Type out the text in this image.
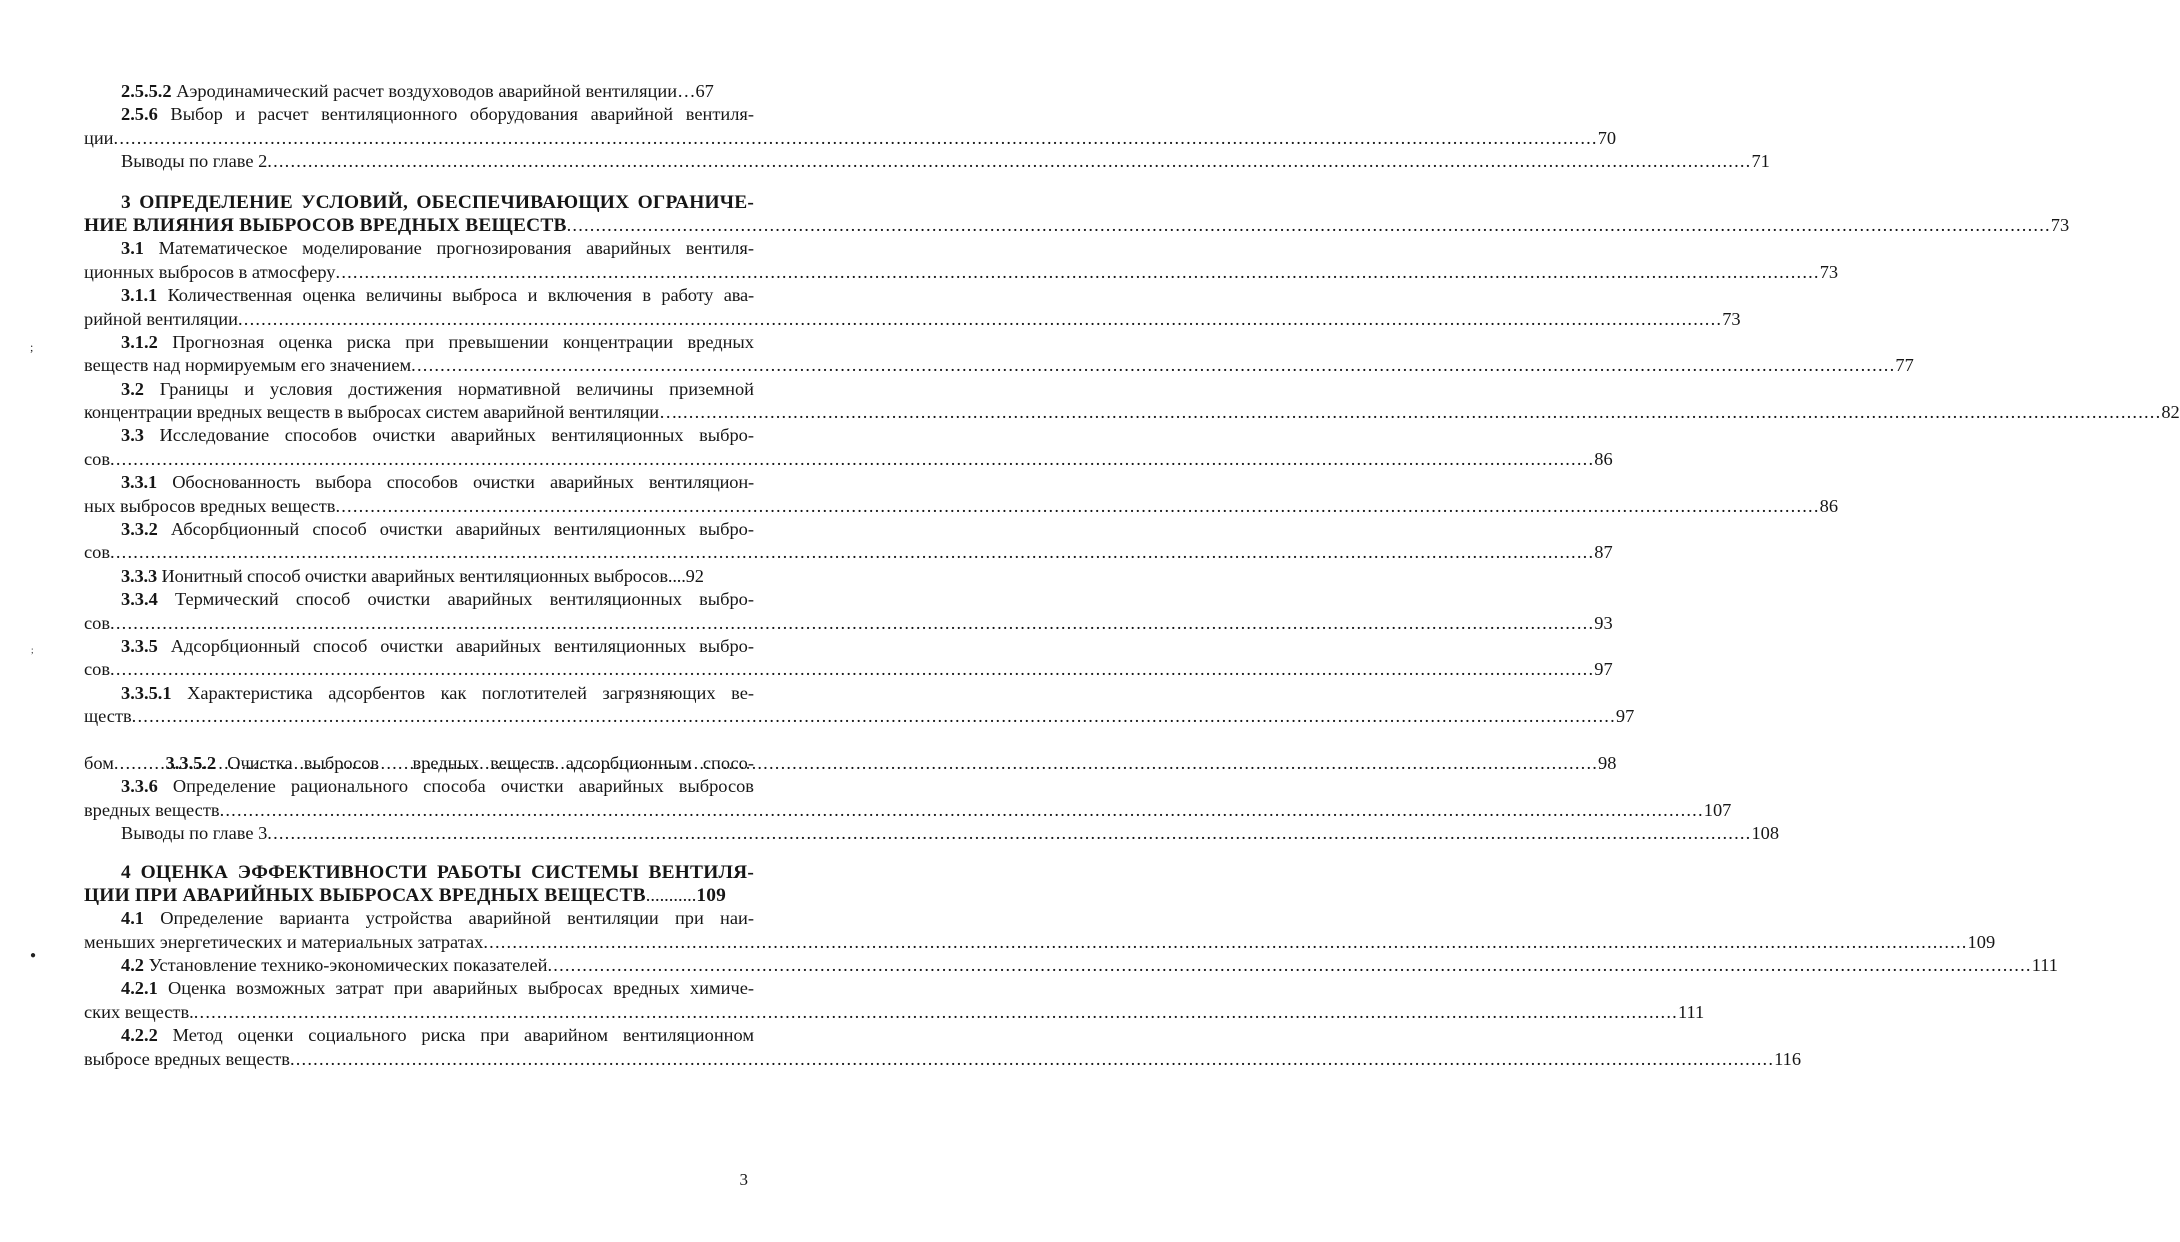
2.5.5.2 Аэродинамический расчет воздуховодов аварийной вентиляции… 67
2.5.6 Выбор и расчет вентиляционного оборудования аварийной вентиля-
ции .....	70
Выводы по главе 2 .....	71
3 ОПРЕДЕЛЕНИЕ УСЛОВИЙ, ОБЕСПЕЧИВАЮЩИХ ОГРАНИЧЕ-
НИЕ ВЛИЯНИЯ ВЫБРОСОВ ВРЕДНЫХ ВЕЩЕСТВ .....	73
3.1 Математическое моделирование прогнозирования аварийных вентиля-
ционных выбросов в атмосферу .....	73
3.1.1 Количественная оценка величины выброса и включения в работу ава-
рийной вентиляции .....	73
3.1.2 Прогнозная оценка риска при превышении концентрации вредных
веществ над нормируемым его значением .....	77
3.2 Границы и условия достижения нормативной величины приземной
концентрации вредных веществ в выбросах систем аварийной вентиляции … .....	82
3.3 Исследование способов очистки аварийных вентиляционных выбро-
сов .....	86
3.3.1 Обоснованность выбора способов очистки аварийных вентиляцион-
ных выбросов вредных веществ .....	86
3.3.2 Абсорбционный способ очистки аварийных вентиляционных выбро-
сов .....	87
3.3.3 Ионитный способ очистки аварийных вентиляционных выбросов.... 92
3.3.4 Термический способ очистки аварийных вентиляционных выбро-
сов .....	93
3.3.5 Адсорбционный способ очистки аварийных вентиляционных выбро-
сов .....	97
3.3.5.1 Характеристика адсорбентов как поглотителей загрязняющих ве-
ществ .....	97

3.3.5.2 Очистка выбросов   вредных веществ адсорбционным спосо-

бом .....	98
3.3.6 Определение рационального способа очистки аварийных выбросов
вредных веществ .....	107
Выводы по главе 3 .....	108
4 ОЦЕНКА ЭФФЕКТИВНОСТИ РАБОТЫ СИСТЕМЫ ВЕНТИЛЯ-
ЦИИ ПРИ АВАРИЙНЫХ ВЫБРОСАХ ВРЕДНЫХ ВЕЩЕСТВ ........... 109
4.1 Определение варианта устройства аварийной вентиляции при наи-
меньших энергетических и материальных затратах .....	109
4.2 Установление технико-экономических показателей .....	111
4.2.1 Оценка возможных затрат при аварийных выбросах вредных химиче-
ских веществ. .....	111
4.2.2 Метод оценки социального риска при аварийном вентиляционном
выбросе вредных веществ .....	116
;
;
●
3
